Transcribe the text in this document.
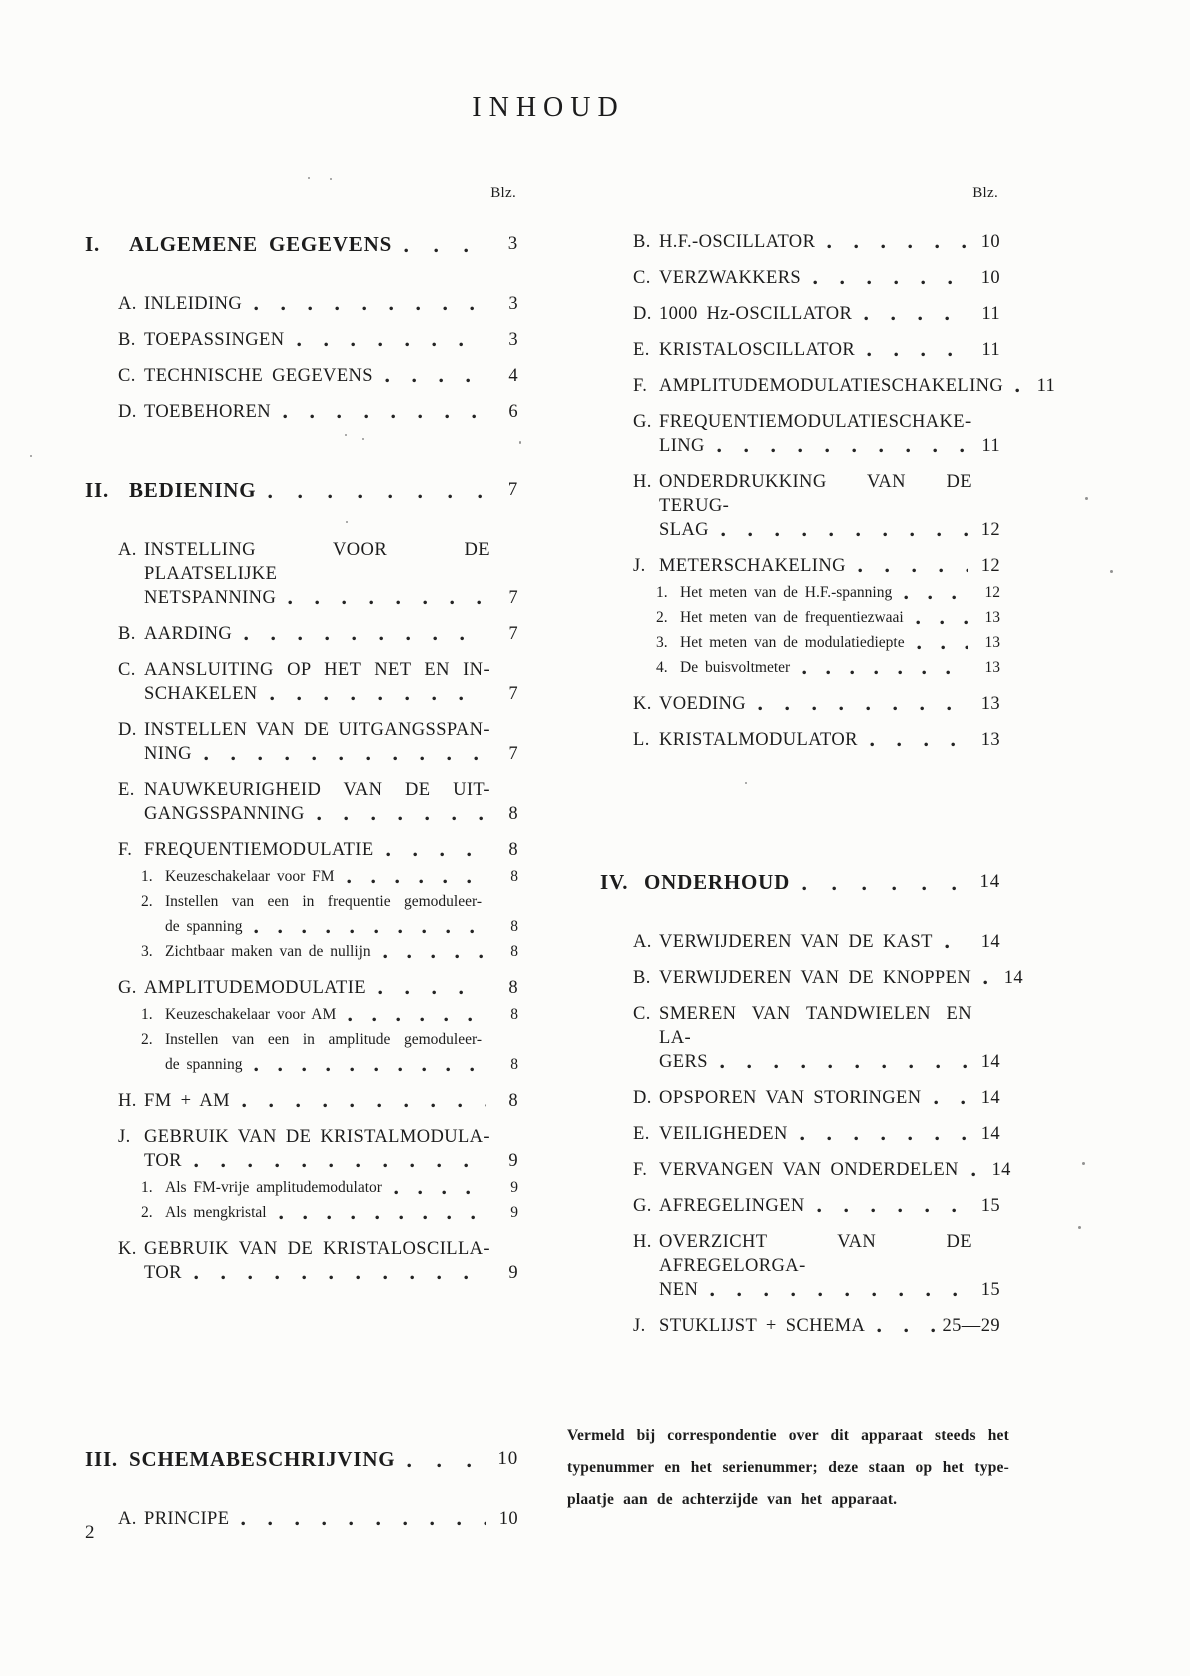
INHOUD
Blz.
I.	ALGEMENE GEGEVENS	3
A. INLEIDING	3
B. TOEPASSINGEN	3
C. TECHNISCHE GEGEVENS	4
D. TOEBEHOREN	6
II. BEDIENING	7
A. INSTELLING VOOR DE PLAATSELIJKE
NETSPANNING	7
B. AARDING	7
C. AANSLUITING OP HET NET EN IN-
SCHAKELEN	7
D. INSTELLEN VAN DE UITGANGSSPAN-
NING	7
E. NAUWKEURIGHEID VAN DE UIT-
GANGSSPANNING	8
F. FREQUENTIEMODULATIE	8
1. Keuzeschakelaar voor FM	8
2. Instellen van een in frequentie gemoduleer-
de spanning	8
3. Zichtbaar maken van de nullijn	8
G. AMPLITUDEMODULATIE	8
1. Keuzeschakelaar voor AM	8
2. Instellen van een in amplitude gemoduleer-
de spanning	8
H. FM + AM	8
J. GEBRUIK VAN DE KRISTALMODULA-
TOR	9
1. Als FM-vrije amplitudemodulator	9
2. Als mengkristal	9
K. GEBRUIK VAN DE KRISTALOSCILLA-
TOR	9
III. SCHEMABESCHRIJVING	10
A. PRINCIPE	10
Blz.
B. H.F.-OSCILLATOR	10
C. VERZWAKKERS	10
D. 1000 Hz-OSCILLATOR	11
E. KRISTALOSCILLATOR	11
F. AMPLITUDEMODULATIESCHAKELING	11
G. FREQUENTIEMODULATIESCHAKE-
LING	11
H. ONDERDRUKKING VAN DE TERUG-
SLAG	12
J. METERSCHAKELING	12
1. Het meten van de H.F.-spanning	12
2. Het meten van de frequentiezwaai	13
3. Het meten van de modulatiediepte	13
4. De buisvoltmeter	13
K. VOEDING	13
L. KRISTALMODULATOR	13
IV. ONDERHOUD	14
A. VERWIJDEREN VAN DE KAST	14
B. VERWIJDEREN VAN DE KNOPPEN	14
C. SMEREN VAN TANDWIELEN EN LA-
GERS	14
D. OPSPOREN VAN STORINGEN	14
E. VEILIGHEDEN	14
F. VERVANGEN VAN ONDERDELEN	14
G. AFREGELINGEN	15
H. OVERZICHT VAN DE AFREGELORGA-
NEN	15
J. STUKLIJST + SCHEMA	25—29
Vermeld bij correspondentie over dit apparaat steeds het
typenummer en het serienummer; deze staan op het type-
plaatje aan de achterzijde van het apparaat.
2
